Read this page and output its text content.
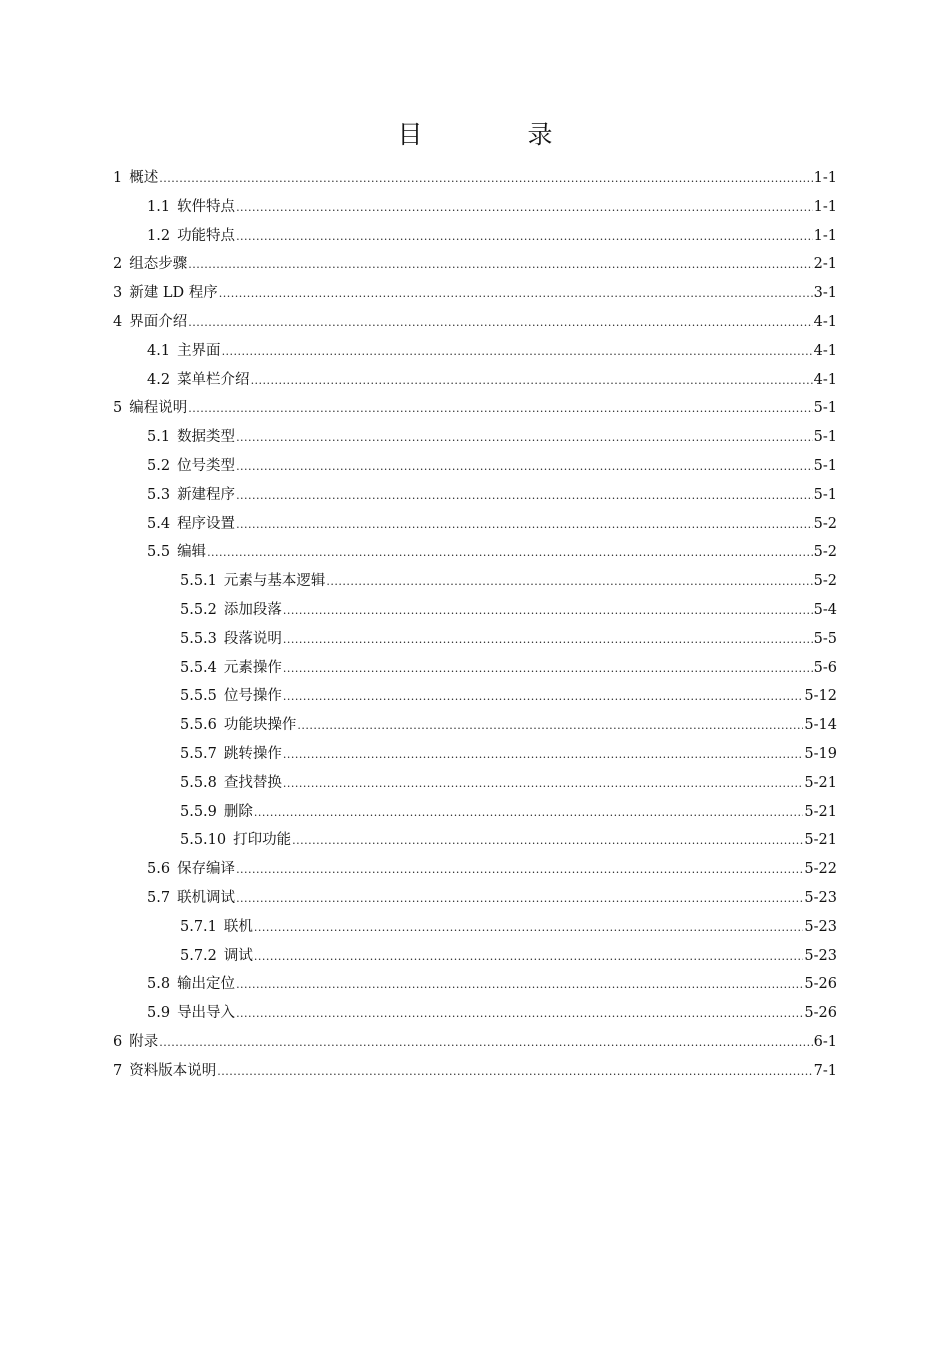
目　录
1 概述 .....	1-1
1.1 软件特点 .....	1-1
1.2 功能特点 .....	1-1
2 组态步骤 .....	2-1
3 新建 LD 程序 .....	3-1
4 界面介绍 .....	4-1
4.1 主界面 .....	4-1
4.2 菜单栏介绍 .....	4-1
5 编程说明 .....	5-1
5.1 数据类型 .....	5-1
5.2 位号类型 .....	5-1
5.3 新建程序 .....	5-1
5.4 程序设置 .....	5-2
5.5 编辑 .....	5-2
5.5.1 元素与基本逻辑 .....	5-2
5.5.2 添加段落 .....	5-4
5.5.3 段落说明 .....	5-5
5.5.4 元素操作 .....	5-6
5.5.5 位号操作 .....	5-12
5.5.6 功能块操作 .....	5-14
5.5.7 跳转操作 .....	5-19
5.5.8 查找替换 .....	5-21
5.5.9 删除 .....	5-21
5.5.10 打印功能 .....	5-21
5.6 保存编译 .....	5-22
5.7 联机调试 .....	5-23
5.7.1 联机 .....	5-23
5.7.2 调试 .....	5-23
5.8 输出定位 .....	5-26
5.9 导出导入 .....	5-26
6 附录 .....	6-1
7 资料版本说明 .....	7-1
